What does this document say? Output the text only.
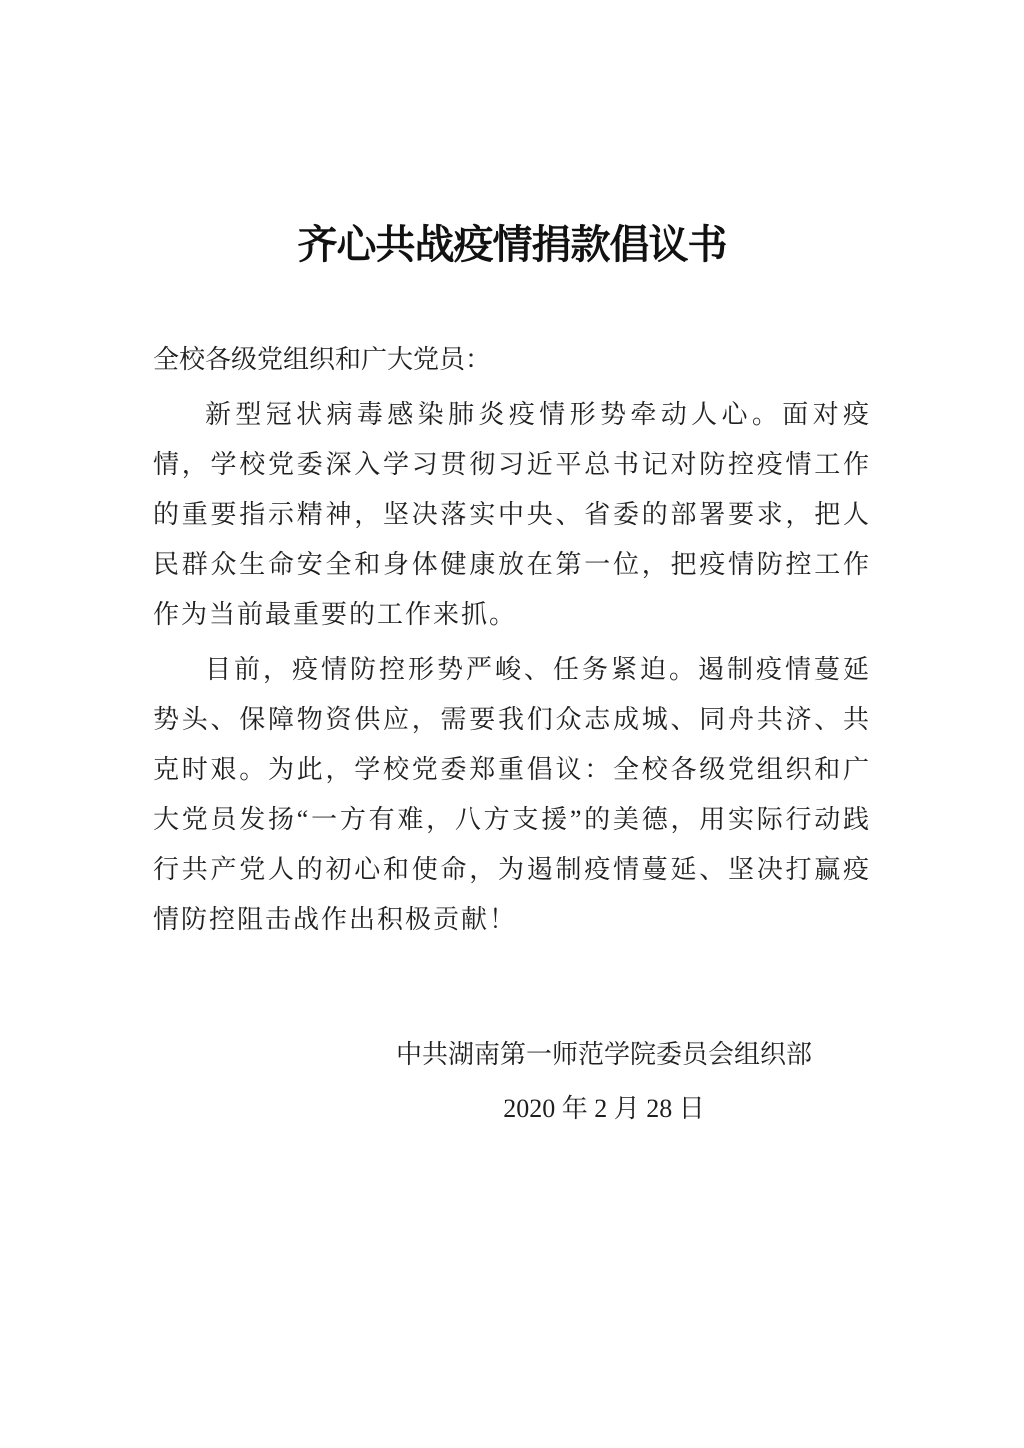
齐心共战疫情捐款倡议书

全校各级党组织和广大党员：

新型冠状病毒感染肺炎疫情形势牵动人心。面对疫情，学校党委深入学习贯彻习近平总书记对防控疫情工作的重要指示精神，坚决落实中央、省委的部署要求，把人民群众生命安全和身体健康放在第一位，把疫情防控工作作为当前最重要的工作来抓。

目前，疫情防控形势严峻、任务紧迫。遏制疫情蔓延势头、保障物资供应，需要我们众志成城、同舟共济、共克时艰。为此，学校党委郑重倡议：全校各级党组织和广大党员发扬“一方有难，八方支援”的美德，用实际行动践行共产党人的初心和使命，为遏制疫情蔓延、坚决打赢疫情防控阻击战作出积极贡献！

中共湖南第一师范学院委员会组织部
2020 年 2 月 28 日
